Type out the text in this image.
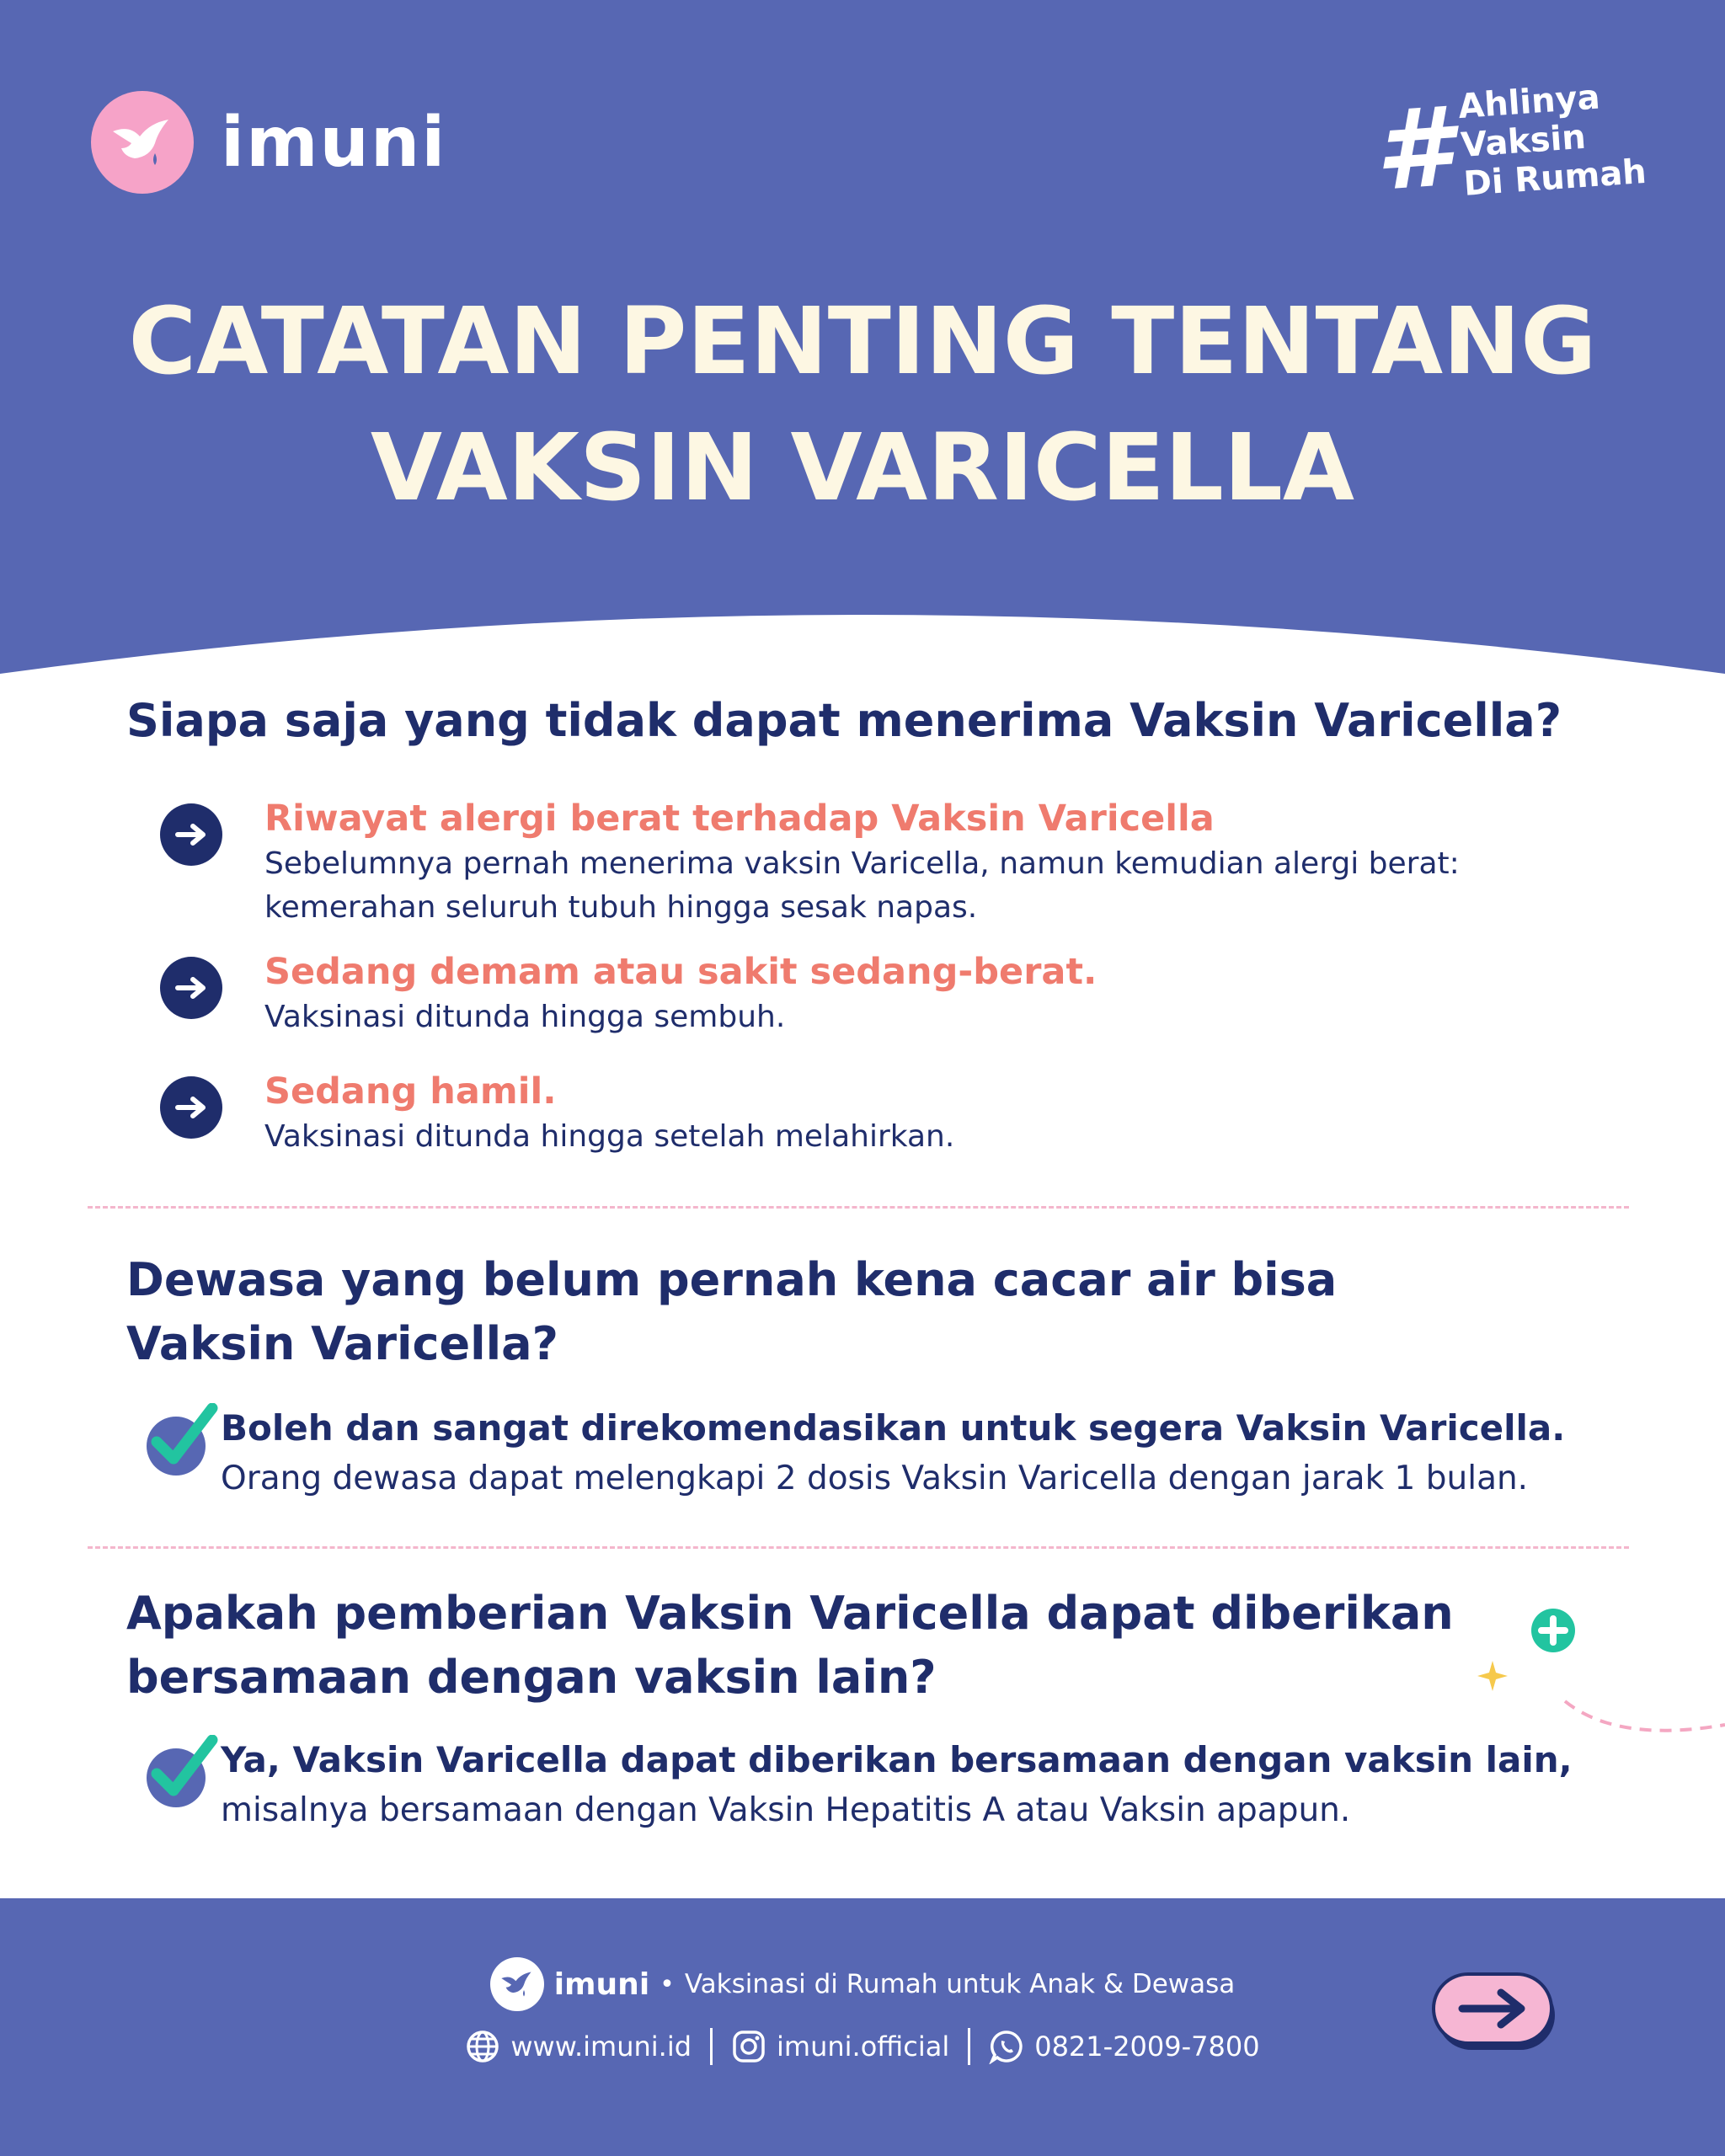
imuni	# Ahlinya
Vaksin
Di Rumah
CATATAN PENTING TENTANG
VAKSIN VARICELLA
Siapa saja yang tidak dapat menerima Vaksin Varicella?
Riwayat alergi berat terhadap Vaksin Varicella
Sebelumnya pernah menerima vaksin Varicella, namun kemudian alergi berat:
kemerahan seluruh tubuh hingga sesak napas.
Sedang demam atau sakit sedang-berat.
Vaksinasi ditunda hingga sembuh.
Sedang hamil.
Vaksinasi ditunda hingga setelah melahirkan.
Dewasa yang belum pernah kena cacar air bisa
Vaksin Varicella?
Boleh dan sangat direkomendasikan untuk segera Vaksin Varicella.
Orang dewasa dapat melengkapi 2 dosis Vaksin Varicella dengan jarak 1 bulan.
Apakah pemberian Vaksin Varicella dapat diberikan
bersamaan dengan vaksin lain?
Ya, Vaksin Varicella dapat diberikan bersamaan dengan vaksin lain,
misalnya bersamaan dengan Vaksin Hepatitis A atau Vaksin apapun.
imuni • Vaksinasi di Rumah untuk Anak & Dewasa
www.imuni.id	imuni.official	0821-2009-7800
